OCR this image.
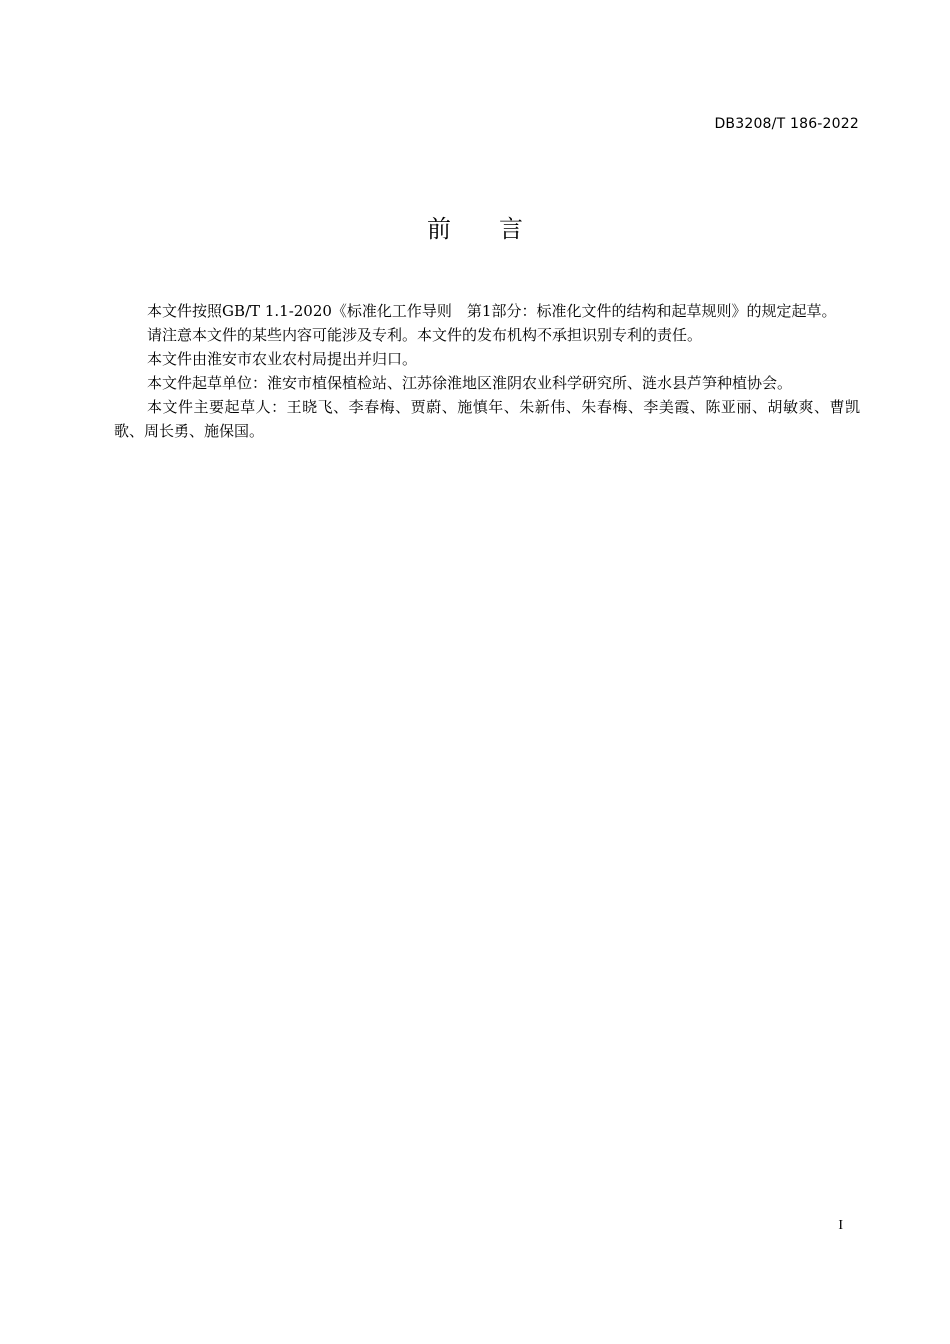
DB3208/T 186-2022
前言

本文件按照GB/T 1.1-2020《标准化工作导则　第1部分：标准化文件的结构和起草规则》的规定起草。

请注意本文件的某些内容可能涉及专利。本文件的发布机构不承担识别专利的责任。

本文件由淮安市农业农村局提出并归口。

本文件起草单位：淮安市植保植检站、江苏徐淮地区淮阴农业科学研究所、涟水县芦笋种植协会。

本文件主要起草人：王晓飞、李春梅、贾蔚、施慎年、朱新伟、朱春梅、李美霞、陈亚丽、胡敏爽、曹凯歌、周长勇、施保国。

I
